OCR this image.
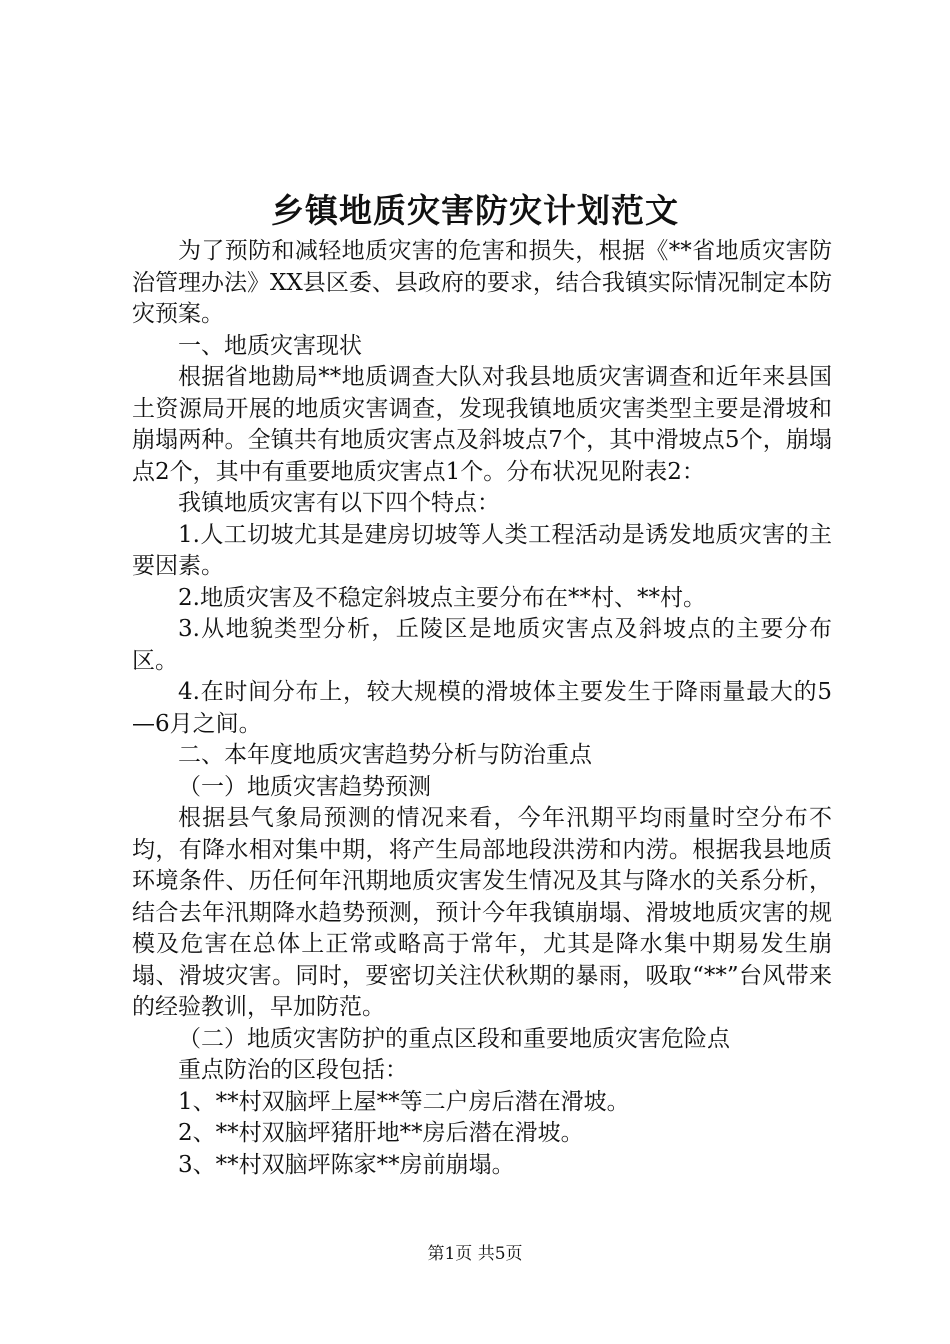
乡镇地质灾害防灾计划范文

为了预防和减轻地质灾害的危害和损失，根据《**省地质灾害防治管理办法》XX县区委、县政府的要求，结合我镇实际情况制定本防灾预案。

一、地质灾害现状

根据省地勘局**地质调查大队对我县地质灾害调查和近年来县国土资源局开展的地质灾害调查，发现我镇地质灾害类型主要是滑坡和崩塌两种。全镇共有地质灾害点及斜坡点7个，其中滑坡点5个，崩塌点2个，其中有重要地质灾害点1个。分布状况见附表2：

我镇地质灾害有以下四个特点：

1.人工切坡尤其是建房切坡等人类工程活动是诱发地质灾害的主要因素。

2.地质灾害及不稳定斜坡点主要分布在**村、**村。

3.从地貌类型分析，丘陵区是地质灾害点及斜坡点的主要分布区。

4.在时间分布上，较大规模的滑坡体主要发生于降雨量最大的5—6月之间。

二、本年度地质灾害趋势分析与防治重点

（一）地质灾害趋势预测

根据县气象局预测的情况来看，今年汛期平均雨量时空分布不均，有降水相对集中期，将产生局部地段洪涝和内涝。根据我县地质环境条件、历任何年汛期地质灾害发生情况及其与降水的关系分析，结合去年汛期降水趋势预测，预计今年我镇崩塌、滑坡地质灾害的规模及危害在总体上正常或略高于常年，尤其是降水集中期易发生崩塌、滑坡灾害。同时，要密切关注伏秋期的暴雨，吸取“**”台风带来的经验教训，早加防范。

（二）地质灾害防护的重点区段和重要地质灾害危险点

重点防治的区段包括：

1、**村双脑坪上屋**等二户房后潜在滑坡。

2、**村双脑坪猪肝地**房后潜在滑坡。

3、**村双脑坪陈家**房前崩塌。

第1页 共5页
